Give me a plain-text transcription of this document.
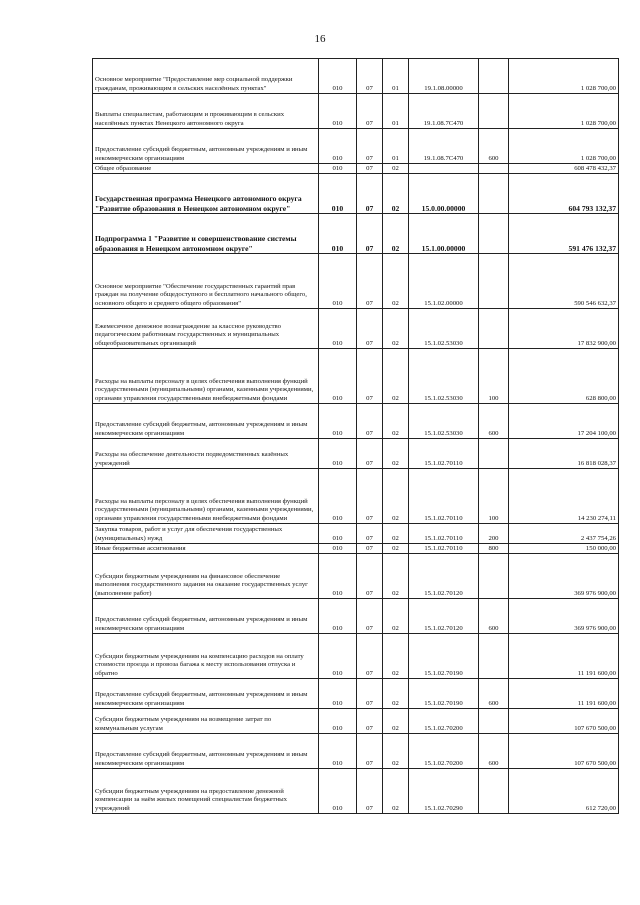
16
Основное мероприятие "Предоставление мер социальной поддержки гражданам, проживающим в сельских населённых пунктах"	010	07	01	19.1.08.00000		1 028 700,00
Выплаты специалистам, работающим и проживающим в сельских населённых пунктах Ненецкого автономного округа	010	07	01	19.1.08.7С470		1 028 700,00
Предоставление субсидий бюджетным, автономным учреждениям и иным некоммерческим организациям	010	07	01	19.1.08.7С470	600	1 028 700,00
Общее образование	010	07	02			608 478 432,37
Государственная программа Ненецкого автономного округа "Развитие образования в Ненецком автономном округе"	010	07	02	15.0.00.00000		604 793 132,37
Подпрограмма 1 "Развитие и совершенствование системы образования в Ненецком автономном округе"	010	07	02	15.1.00.00000		591 476 132,37
Основное мероприятие "Обеспечение государственных гарантий прав граждан на получение общедоступного и бесплатного начального общего, основного общего и среднего общего образования"	010	07	02	15.1.02.00000		590 546 632,37
Ежемесячное денежное вознаграждение за классное руководство педагогическим работникам государственных и муниципальных общеобразовательных организаций	010	07	02	15.1.02.53030		17 832 900,00
Расходы на выплаты персоналу в целях обеспечения выполнения функций государственными (муниципальными) органами, казенными учреждениями, органами управления государственными внебюджетными фондами	010	07	02	15.1.02.53030	100	628 800,00
Предоставление субсидий бюджетным, автономным учреждениям и иным некоммерческим организациям	010	07	02	15.1.02.53030	600	17 204 100,00
Расходы на обеспечение деятельности подведомственных казённых учреждений	010	07	02	15.1.02.70110		16 818 028,37
Расходы на выплаты персоналу в целях обеспечения выполнения функций государственными (муниципальными) органами, казенными учреждениями, органами управления государственными внебюджетными фондами	010	07	02	15.1.02.70110	100	14 230 274,11
Закупка товаров, работ и услуг для обеспечения государственных (муниципальных) нужд	010	07	02	15.1.02.70110	200	2 437 754,26
Иные бюджетные ассигнования	010	07	02	15.1.02.70110	800	150 000,00
Субсидии бюджетным учреждениям на финансовое обеспечение выполнения государственного задания на оказание государственных услуг (выполнение работ)	010	07	02	15.1.02.70120		369 976 900,00
Предоставление субсидий бюджетным, автономным учреждениям и иным некоммерческим организациям	010	07	02	15.1.02.70120	600	369 976 900,00
Субсидии бюджетным учреждениям на компенсацию расходов на оплату стоимости проезда и провоза багажа к месту использования отпуска и обратно	010	07	02	15.1.02.70190		11 191 600,00
Предоставление субсидий бюджетным, автономным учреждениям и иным некоммерческим организациям	010	07	02	15.1.02.70190	600	11 191 600,00
Субсидии бюджетным учреждениям на возмещение затрат по коммунальным услугам	010	07	02	15.1.02.70200		107 670 500,00
Предоставление субсидий бюджетным, автономным учреждениям и иным некоммерческим организациям	010	07	02	15.1.02.70200	600	107 670 500,00
Субсидии бюджетным учреждениям на предоставление денежной компенсации за наём жилых помещений специалистам бюджетных учреждений	010	07	02	15.1.02.70290		612 720,00
